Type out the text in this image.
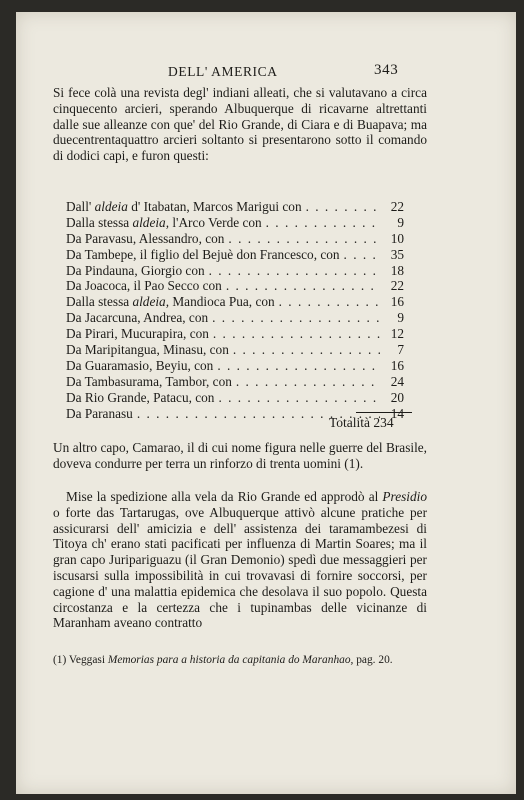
DELL' AMERICA	343

Si fece colà una revista degl' indiani alleati, che si valutavano a circa cinquecento arcieri, sperando Albuquerque di ricavarne altrettanti dalle sue alleanze con que' del Rio Grande, di Ciara e di Buapava; ma duecentrentaquattro arcieri soltanto si presentarono sotto il comando di dodici capi, e furon questi:

Dall' aldeia d' Itabatan, Marcos Marigui con . . .	22
Dalla stessa aldeia, l'Arco Verde con . . .	9
Da Paravasu, Alessandro, con . . .	10
Da Tambepe, il figlio del Bejuè don Francesco, con . . .	35
Da Pindauna, Giorgio con . . .	18
Da Joacoca, il Pao Secco con . . .	22
Dalla stessa aldeia, Mandioca Pua, con . . .	16
Da Jacarcuna, Andrea, con . . .	9
Da Pirari, Mucurapira, con . . .	12
Da Maripitangua, Minasu, con . . .	7
Da Guaramasio, Beyiu, con . . .	16
Da Tambasurama, Tambor, con . . .	24
Da Rio Grande, Patacu, con . . .	20
Da Paranasu . . .	14
Totalità 234

Un altro capo, Camarao, il di cui nome figura nelle guerre del Brasile, doveva condurre per terra un rinforzo di trenta uomini (1).

Mise la spedizione alla vela da Rio Grande ed approdò al Presidio o forte das Tartarugas, ove Albuquerque attivò alcune pratiche per assicurarsi dell' amicizia e dell' assistenza dei taramambezesi di Titoya ch' erano stati pacificati per influenza di Martin Soares; ma il gran capo Juripariguazu (il Gran Demonio) spedì due messaggieri per iscusarsi sulla impossibilità in cui trovavasi di fornire soccorsi, per cagione d' una malattia epidemica che desolava il suo popolo. Questa circostanza e la certezza che i tupinambas delle vicinanze di Maranham aveano contratto

(1) Veggasi Memorias para a historia da capitania do Maranhao, pag. 20.
